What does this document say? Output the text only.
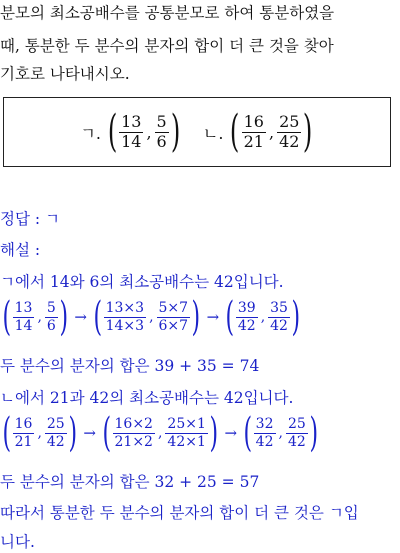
분모의 최소공배수를 공통분모로 하여 통분하였을
때, 통분한 두 분수의 분자의 합이 더 큰 것을 찾아
기호로 나타내시오.
ㄱ. ( $\frac{13}{14}$ , $\frac{5}{6}$ ) ㄴ. ( $\frac{16}{21}$ , $\frac{25}{42}$ )
정답 : ㄱ
해설 :
ㄱ에서 14와 6의 최소공배수는 42입니다.
( $\frac{13}{14}$ , $\frac{5}{6}$ ) → ( $\frac{13\times 3}{14\times 3}$ , $\frac{5\times 7}{6\times 7}$ ) → ( $\frac{39}{42}$ , $\frac{35}{42}$ )
두 분수의 분자의 합은 39 + 35 = 74
ㄴ에서 21과 42의 최소공배수는 42입니다.
( $\frac{16}{21}$ , $\frac{25}{42}$ ) → ( $\frac{16\times 2}{21\times 2}$ , $\frac{25\times 1}{42\times 1}$ ) → ( $\frac{32}{42}$ , $\frac{25}{42}$ )
두 분수의 분자의 합은 32 + 25 = 57
따라서 통분한 두 분수의 분자의 합이 더 큰 것은 ㄱ입
니다.
